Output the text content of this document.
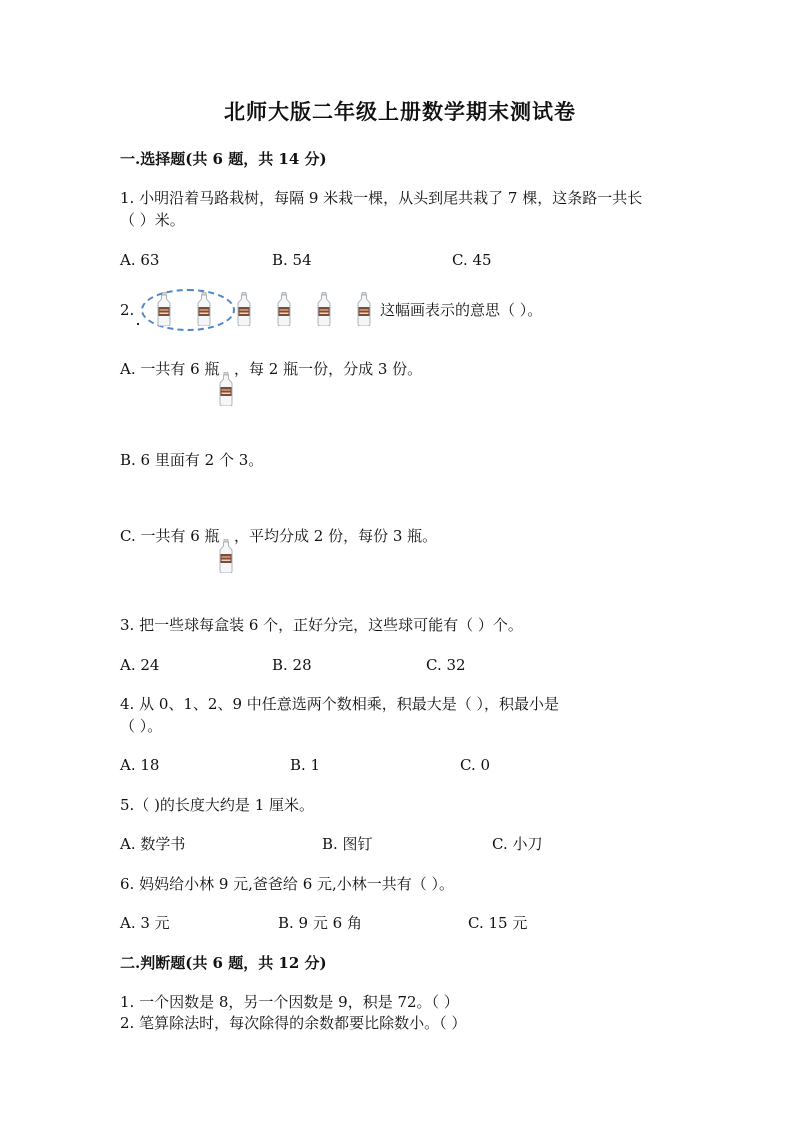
北师大版二年级上册数学期末测试卷
一.选择题(共 6 题，共 14 分)
1. 小明沿着马路栽树，每隔 9 米栽一棵，从头到尾共栽了 7 棵，这条路一共长
（ ）米。
A. 63	B. 54	C. 45
2.	这幅画表示的意思（ ）。
A. 一共有 6 瓶 ，每 2 瓶一份，分成 3 份。
B. 6 里面有 2 个 3。
C. 一共有 6 瓶 ，平均分成 2 份，每份 3 瓶。
3. 把一些球每盒装 6 个，正好分完，这些球可能有（ ）个。
A. 24	B. 28	C. 32
4. 从 0、1、2、9 中任意选两个数相乘，积最大是（ ），积最小是
（ ）。
A. 18	B. 1	C. 0
5.（ )的长度大约是 1 厘米。
A. 数学书	B. 图钉	C. 小刀
6. 妈妈给小林 9 元,爸爸给 6 元,小林一共有（ ）。
A. 3 元	B. 9 元 6 角	C. 15 元
二.判断题(共 6 题，共 12 分)
1. 一个因数是 8，另一个因数是 9，积是 72。（ ）
2. 笔算除法时，每次除得的余数都要比除数小。（ ）
